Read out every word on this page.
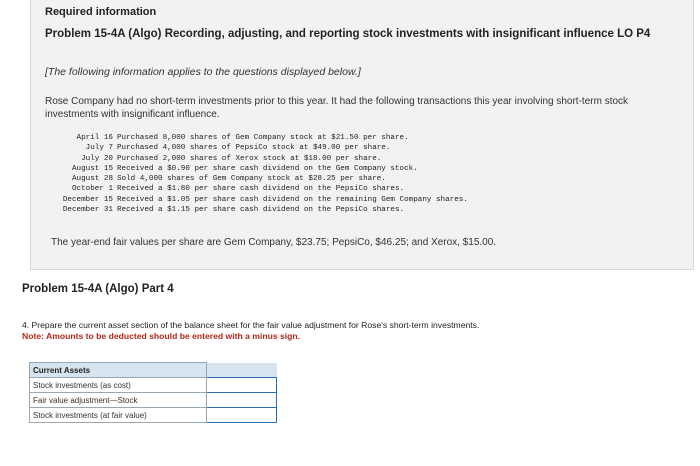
Required information
Problem 15-4A (Algo) Recording, adjusting, and reporting stock investments with insignificant influence LO P4
[The following information applies to the questions displayed below.]
Rose Company had no short-term investments prior to this year. It had the following transactions this year involving short-term stock investments with insignificant influence.
April 16 Purchased 8,000 shares of Gem Company stock at $21.50 per share.
July 7 Purchased 4,000 shares of PepsiCo stock at $49.00 per share.
July 20 Purchased 2,000 shares of Xerox stock at $18.00 per share.
August 15 Received a $0.90 per share cash dividend on the Gem Company stock.
August 28 Sold 4,000 shares of Gem Company stock at $28.25 per share.
October 1 Received a $1.80 per share cash dividend on the PepsiCo shares.
December 15 Received a $1.05 per share cash dividend on the remaining Gem Company shares.
December 31 Received a $1.15 per share cash dividend on the PepsiCo shares.
The year-end fair values per share are Gem Company, $23.75; PepsiCo, $46.25; and Xerox, $15.00.
Problem 15-4A (Algo) Part 4
4. Prepare the current asset section of the balance sheet for the fair value adjustment for Rose's short-term investments.
Note: Amounts to be deducted should be entered with a minus sign.
Current Assets	
Stock investments (as cost)	
Fair value adjustment—Stock	
Stock investments (at fair value)	
